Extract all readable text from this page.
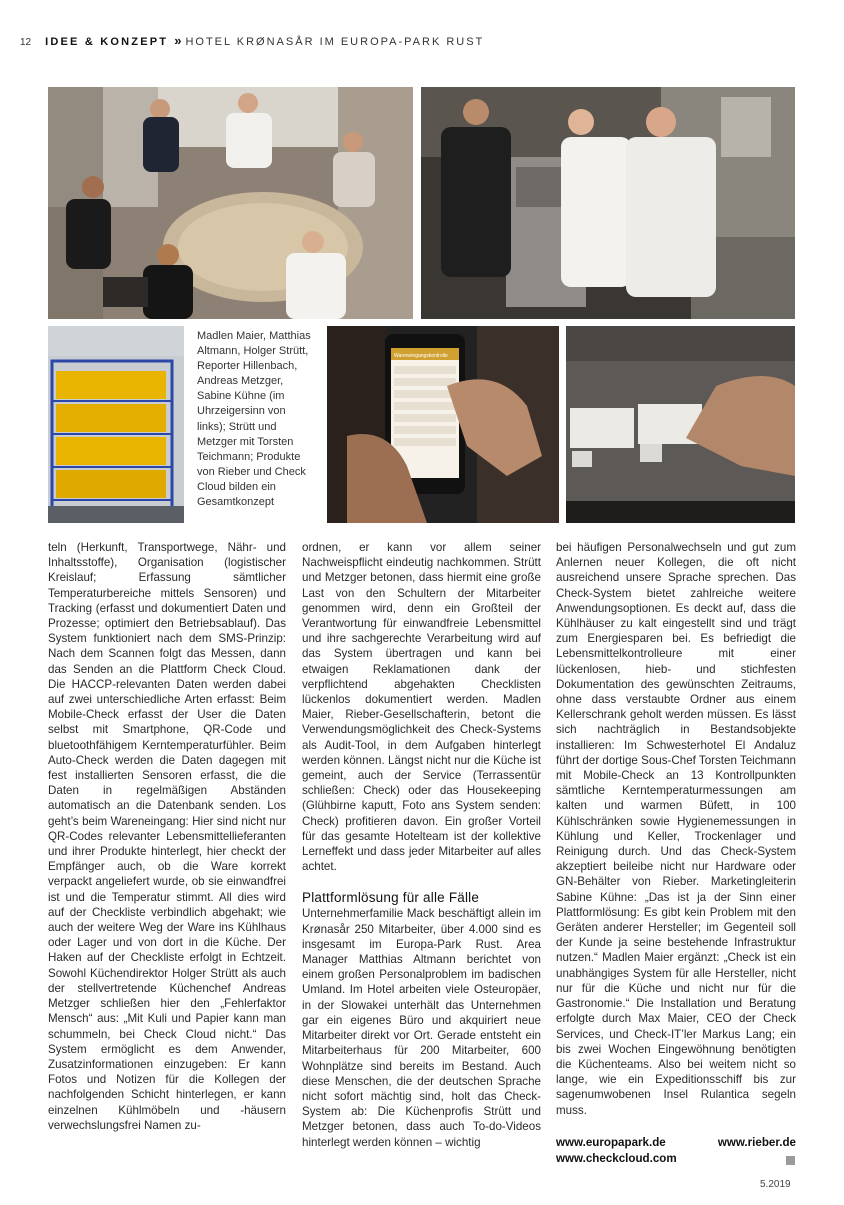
12 IDEE & KONZEPT » HOTEL KRØNASÅR IM EUROPA-PARK RUST
Madlen Maier, Matthias Altmann, Holger Strütt, Reporter Hillenbach, Andreas Metzger, Sabine Kühne (im Uhrzeigersinn von links); Strütt und Metzger mit Torsten Teichmann; Produkte von Rieber und Check Cloud bilden ein Gesamtkonzept
Wareneingangskontrolle

teln (Herkunft, Transportwege, Nähr- und Inhaltsstoffe), Organisation (logistischer Kreislauf; Erfassung sämtlicher Temperaturbereiche mittels Sensoren) und Tracking (erfasst und dokumentiert Daten und Prozesse; optimiert den Betriebsablauf). Das System funktioniert nach dem SMS-Prinzip: Nach dem Scannen folgt das Messen, dann das Senden an die Plattform Check Cloud. Die HACCP-relevanten Daten werden dabei auf zwei unterschiedliche Arten erfasst: Beim Mobile-Check erfasst der User die Daten selbst mit Smartphone, QR-Code und bluetoothfähigem Kerntemperaturfühler. Beim Auto-Check werden die Daten dagegen mit fest installierten Sensoren erfasst, die die Daten in regelmäßigen Abständen automatisch an die Datenbank senden. Los geht’s beim Wareneingang: Hier sind nicht nur QR-Codes relevanter Lebensmittellieferanten und ihrer Produkte hinterlegt, hier checkt der Empfänger auch, ob die Ware korrekt verpackt angeliefert wurde, ob sie einwandfrei ist und die Temperatur stimmt. All dies wird auf der Checkliste verbindlich abgehakt; wie auch der weitere Weg der Ware ins Kühlhaus oder Lager und von dort in die Küche. Der Haken auf der Checkliste erfolgt in Echtzeit. Sowohl Küchendirektor Holger Strütt als auch der stellvertretende Küchenchef Andreas Metzger schließen hier den „Fehlerfaktor Mensch“ aus: „Mit Kuli und Papier kann man schummeln, bei Check Cloud nicht.“ Das System ermöglicht es dem Anwender, Zusatzinformationen einzugeben: Er kann Fotos und Notizen für die Kollegen der nachfolgenden Schicht hinterlegen, er kann einzelnen Kühlmöbeln und -häusern verwechslungsfrei Namen zu-

ordnen, er kann vor allem seiner Nachweispflicht eindeutig nachkommen. Strütt und Metzger betonen, dass hiermit eine große Last von den Schultern der Mitarbeiter genommen wird, denn ein Großteil der Verantwortung für einwandfreie Lebensmittel und ihre sachgerechte Verarbeitung wird auf das System übertragen und kann bei etwaigen Reklamationen dank der verpflichtend abgehakten Checklisten lückenlos dokumentiert werden. Madlen Maier, Rieber-Gesellschafterin, betont die Verwendungsmöglichkeit des Check-Systems als Audit-Tool, in dem Aufgaben hinterlegt werden können. Längst nicht nur die Küche ist gemeint, auch der Service (Terrassentür schließen: Check) oder das Housekeeping (Glühbirne kaputt, Foto ans System senden: Check) profitieren davon. Ein großer Vorteil für das gesamte Hotelteam ist der kollektive Lerneffekt und dass jeder Mitarbeiter auf alles achtet.

Plattformlösung für alle Fälle

Unternehmerfamilie Mack beschäftigt allein im Krønasår 250 Mitarbeiter, über 4.000 sind es insgesamt im Europa-Park Rust. Area Manager Matthias Altmann berichtet von einem großen Personalproblem im badischen Umland. Im Hotel arbeiten viele Osteuropäer, in der Slowakei unterhält das Unternehmen gar ein eigenes Büro und akquiriert neue Mitarbeiter direkt vor Ort. Gerade entsteht ein Mitarbeiterhaus für 200 Mitarbeiter, 600 Wohnplätze sind bereits im Bestand. Auch diese Menschen, die der deutschen Sprache nicht sofort mächtig sind, holt das Check-System ab: Die Küchenprofis Strütt und Metzger betonen, dass auch To-do-Videos hinterlegt werden können – wichtig

bei häufigen Personalwechseln und gut zum Anlernen neuer Kollegen, die oft nicht ausreichend unsere Sprache sprechen. Das Check-System bietet zahlreiche weitere Anwendungsoptionen. Es deckt auf, dass die Kühlhäuser zu kalt eingestellt sind und trägt zum Energiesparen bei. Es befriedigt die Lebensmittelkontrolleure mit einer lückenlosen, hieb- und stichfesten Dokumentation des gewünschten Zeitraums, ohne dass verstaubte Ordner aus einem Kellerschrank geholt werden müssen. Es lässt sich nachträglich in Bestandsobjekte installieren: Im Schwesterhotel El Andaluz führt der dortige Sous-Chef Torsten Teichmann mit Mobile-Check an 13 Kontrollpunkten sämtliche Kerntemperaturmessungen am kalten und warmen Büfett, in 100 Kühlschränken sowie Hygienemessungen in Kühlung und Keller, Trockenlager und Reinigung durch. Und das Check-System akzeptiert beileibe nicht nur Hardware oder GN-Behälter von Rieber. Marketingleiterin Sabine Kühne: „Das ist ja der Sinn einer Plattformlösung: Es gibt kein Problem mit den Geräten anderer Hersteller; im Gegenteil soll der Kunde ja seine bestehende Infrastruktur nutzen.“ Madlen Maier ergänzt: „Check ist ein unabhängiges System für alle Hersteller, nicht nur für die Küche und nicht nur für die Gastronomie.“ Die Installation und Beratung erfolgte durch Max Maier, CEO der Check Services, und Check-IT’ler Markus Lang; ein bis zwei Wochen Eingewöhnung benötigten die Küchenteams. Also bei weitem nicht so lange, wie ein Expeditionsschiff bis zur sagenumwobenen Insel Rulantica segeln muss.

www.europapark.de	www.rieber.de
www.checkcloud.com
5.2019
